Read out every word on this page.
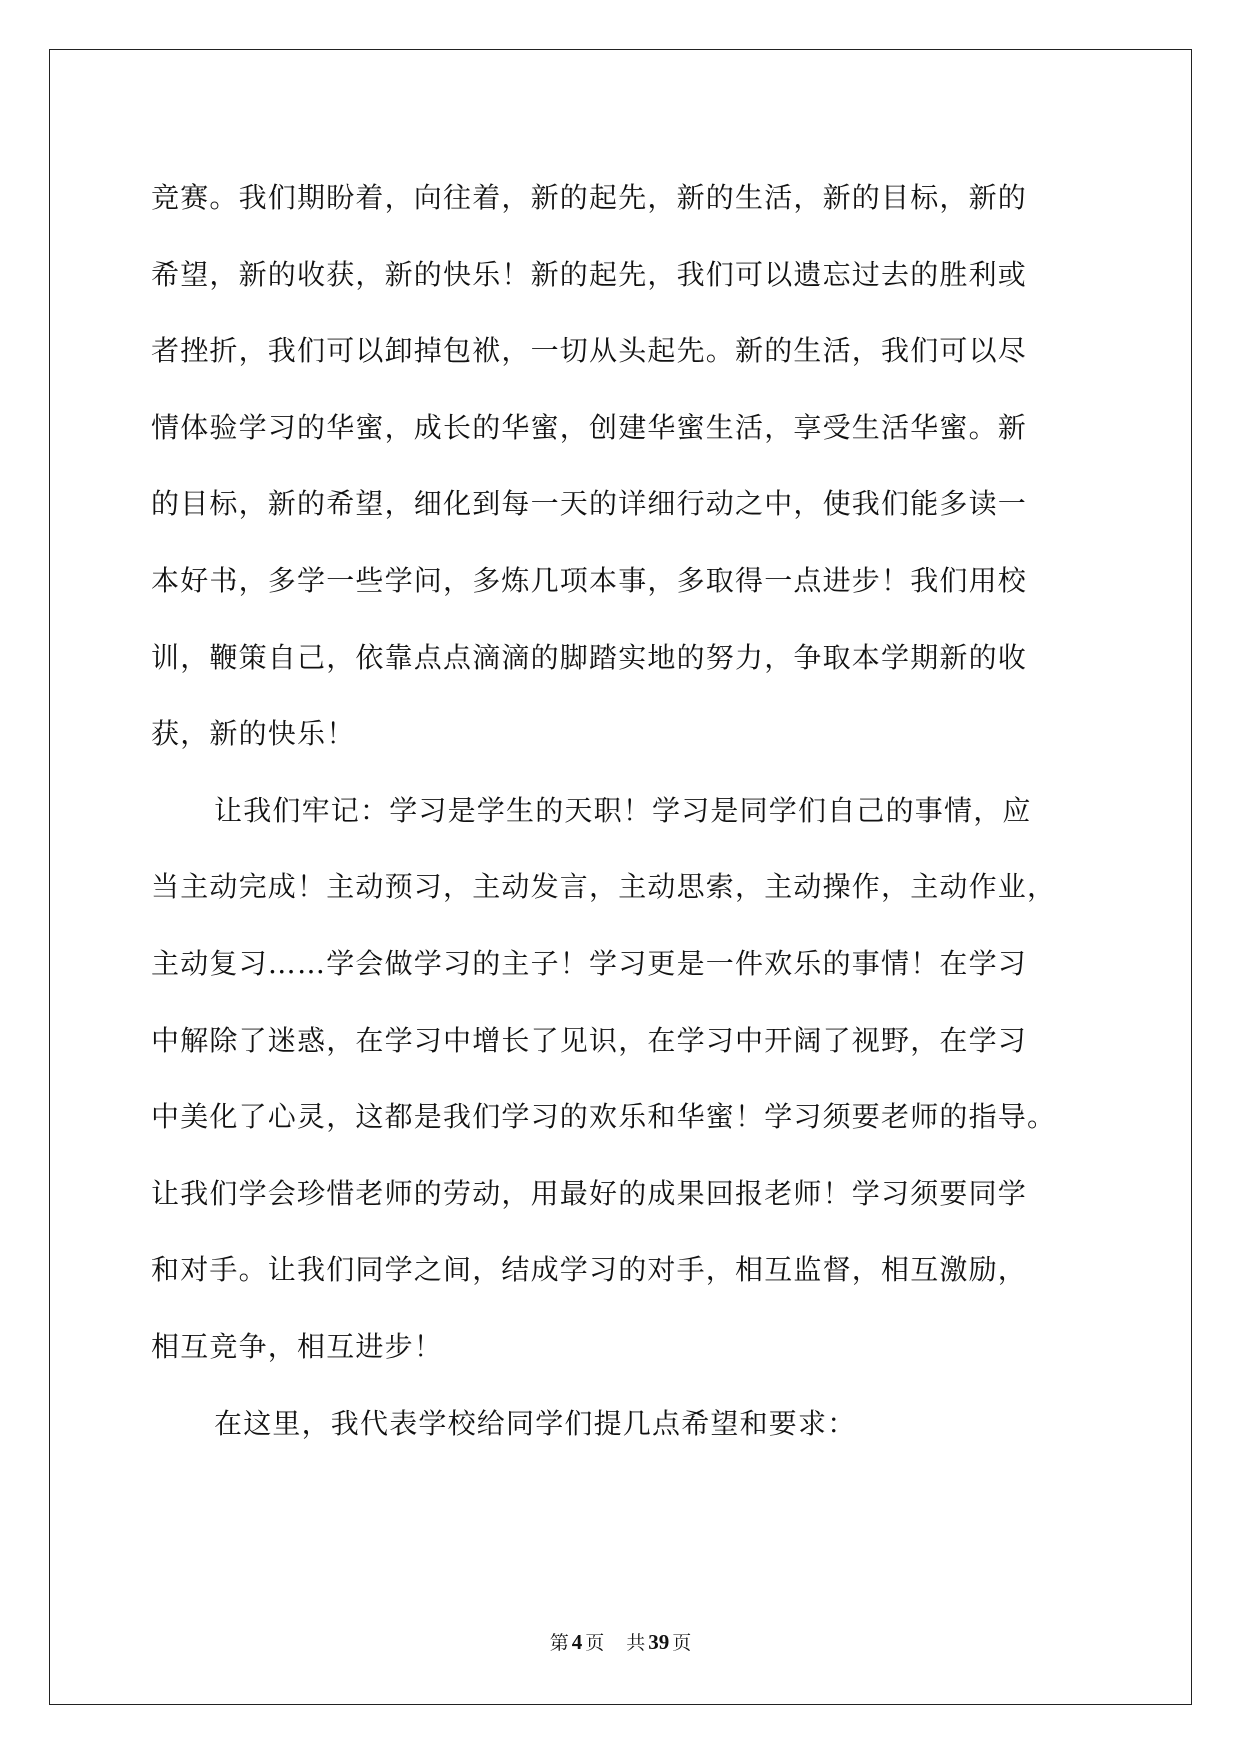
竞赛。我们期盼着，向往着，新的起先，新的生活，新的目标，新的
希望，新的收获，新的快乐！新的起先，我们可以遗忘过去的胜利或
者挫折，我们可以卸掉包袱，一切从头起先。新的生活，我们可以尽
情体验学习的华蜜，成长的华蜜，创建华蜜生活，享受生活华蜜。新
的目标，新的希望，细化到每一天的详细行动之中，使我们能多读一
本好书，多学一些学问，多炼几项本事，多取得一点进步！我们用校
训，鞭策自己，依靠点点滴滴的脚踏实地的努力，争取本学期新的收
获，新的快乐！
让我们牢记：学习是学生的天职！学习是同学们自己的事情，应
当主动完成！主动预习，主动发言，主动思索，主动操作，主动作业，
主动复习……学会做学习的主子！学习更是一件欢乐的事情！在学习
中解除了迷惑，在学习中增长了见识，在学习中开阔了视野，在学习
中美化了心灵，这都是我们学习的欢乐和华蜜！学习须要老师的指导。
让我们学会珍惜老师的劳动，用最好的成果回报老师！学习须要同学
和对手。让我们同学之间，结成学习的对手，相互监督，相互激励，
相互竞争，相互进步！
在这里，我代表学校给同学们提几点希望和要求：
第 4 页 共 39 页
